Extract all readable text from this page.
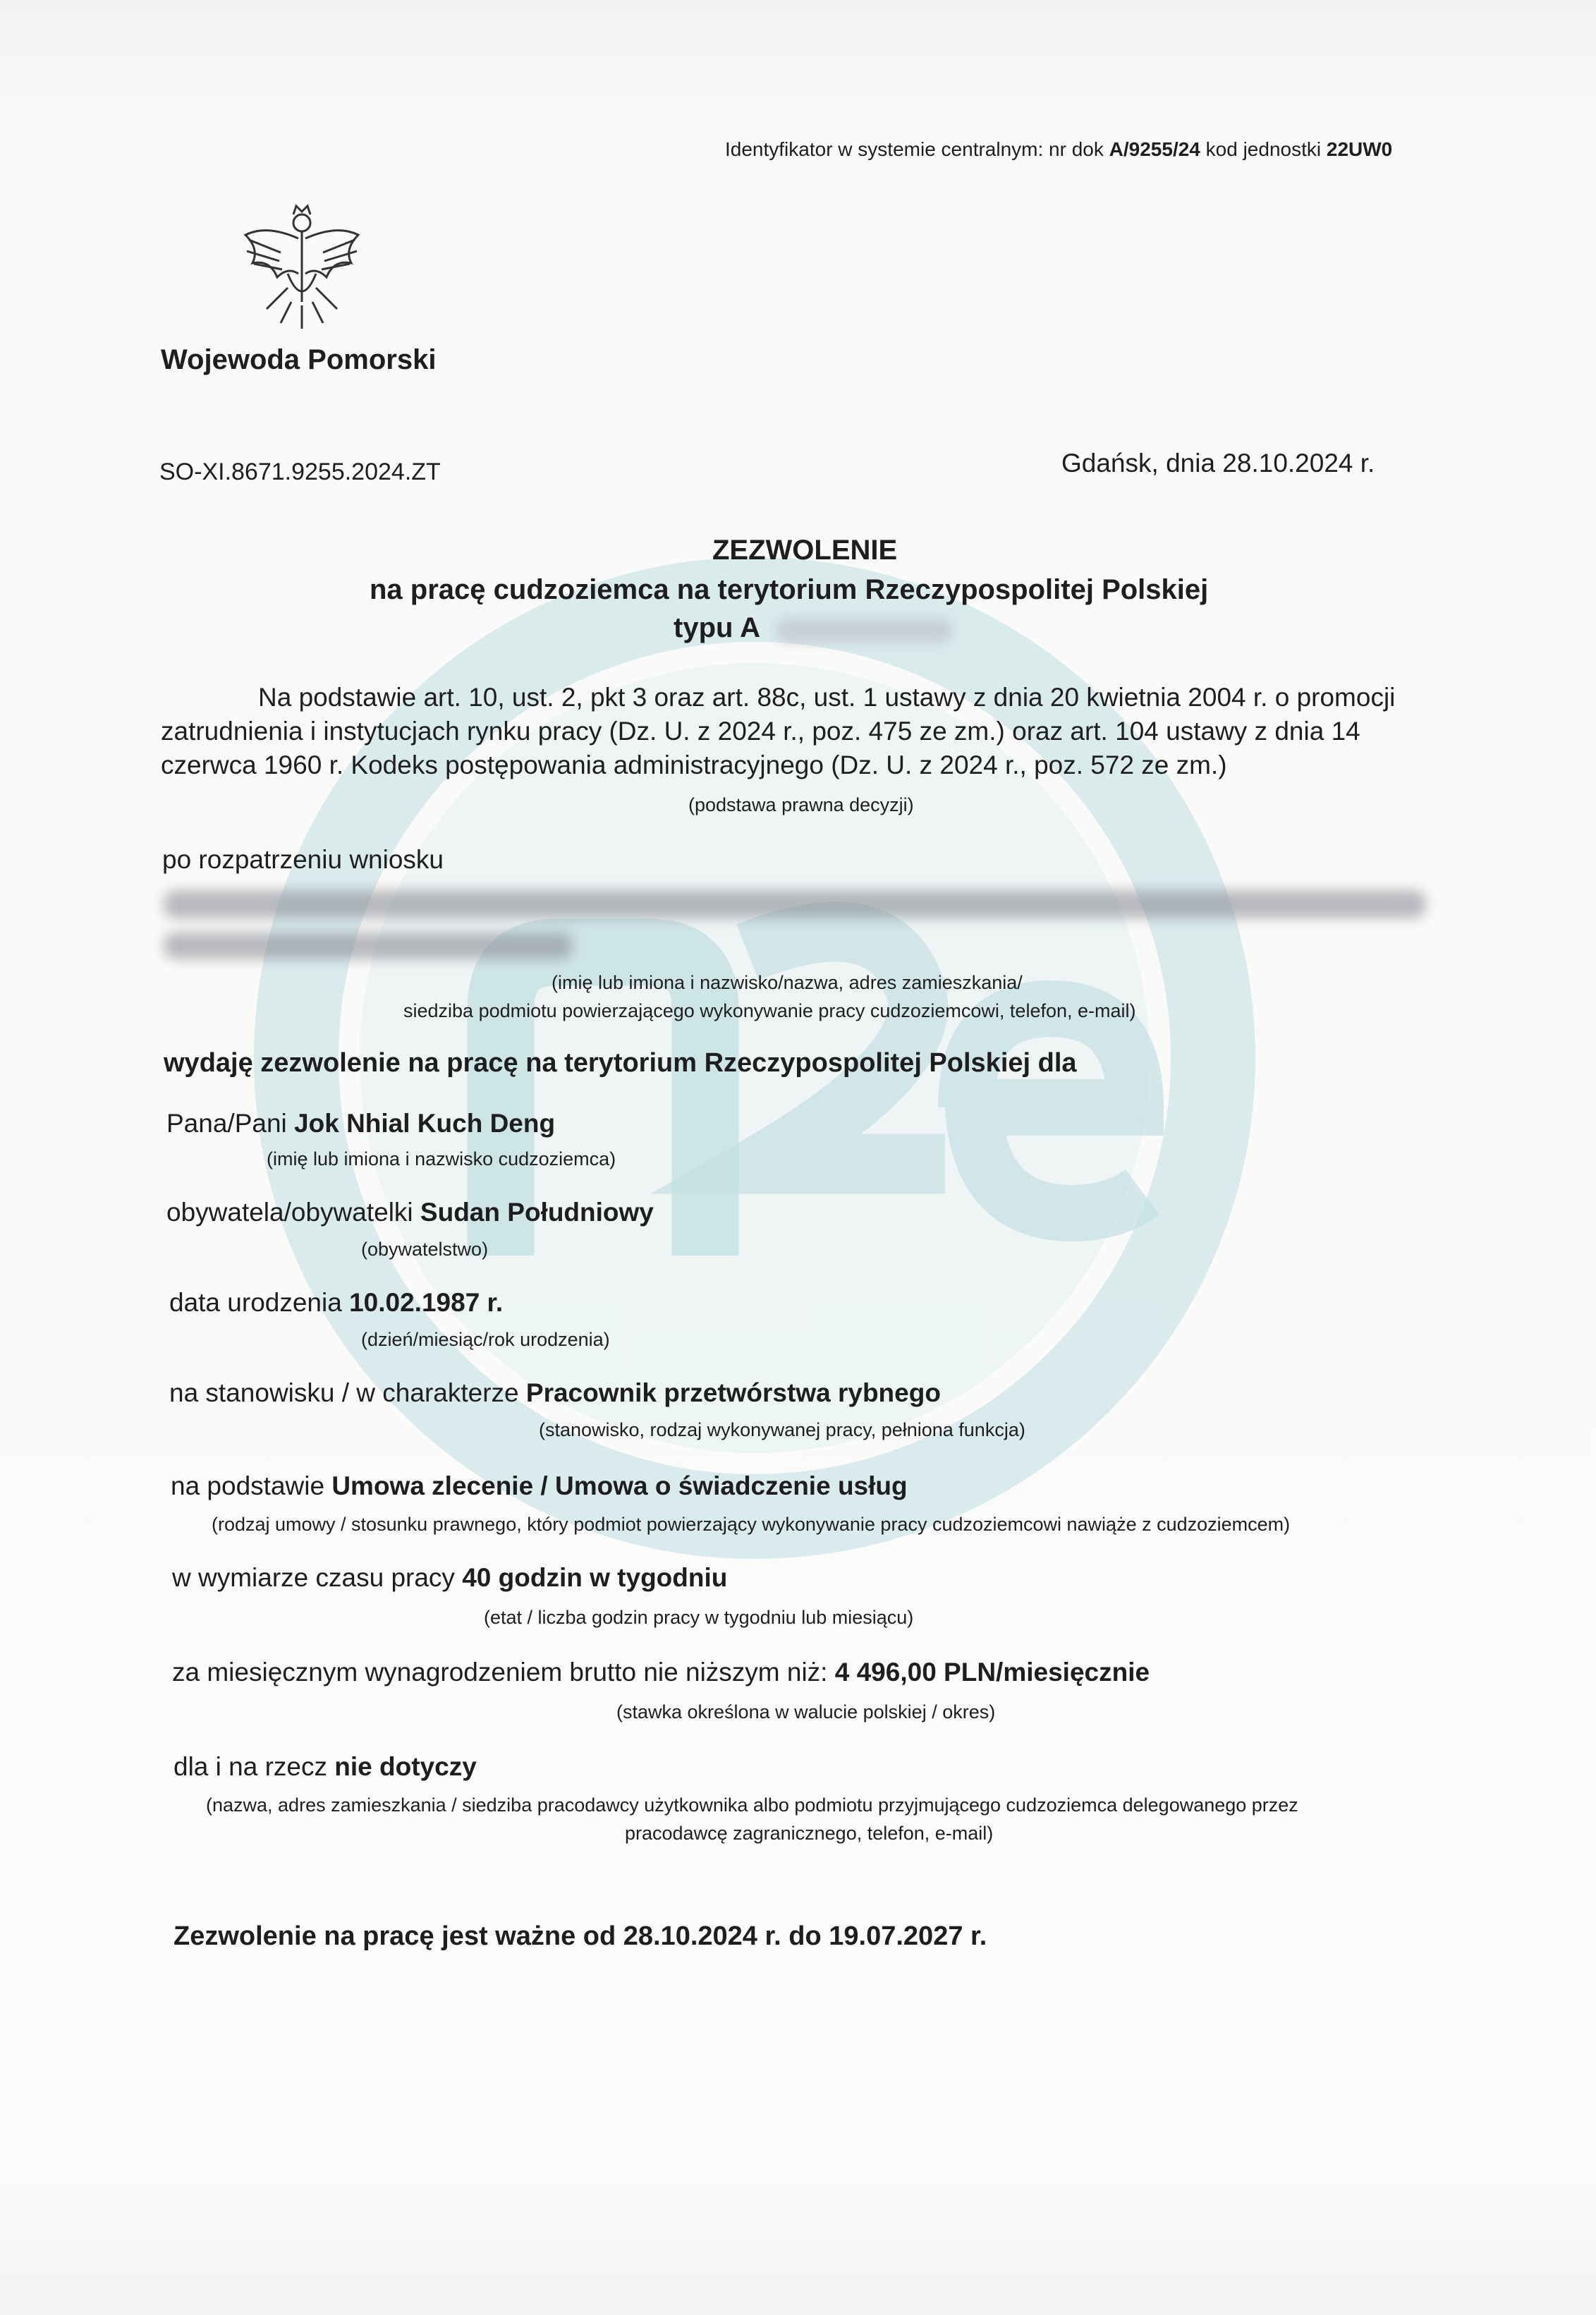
Identyfikator w systemie centralnym: nr dok A/9255/24 kod jednostki 22UW0
Wojewoda Pomorski
SO-XI.8671.9255.2024.ZT	Gdańsk, dnia 28.10.2024 r.
ZEZWOLENIE
na pracę cudzoziemca na terytorium Rzeczypospolitej Polskiej
typu A
Na podstawie art. 10, ust. 2, pkt 3 oraz art. 88c, ust. 1 ustawy z dnia 20 kwietnia 2004 r. o promocji
zatrudnienia i instytucjach rynku pracy (Dz. U. z 2024 r., poz. 475 ze zm.) oraz art. 104 ustawy z dnia 14
czerwca 1960 r. Kodeks postępowania administracyjnego (Dz. U. z 2024 r., poz. 572 ze zm.)
(podstawa prawna decyzji)
po rozpatrzeniu wniosku
(imię lub imiona i nazwisko/nazwa, adres zamieszkania/
siedziba podmiotu powierzającego wykonywanie pracy cudzoziemcowi, telefon, e-mail)
wydaję zezwolenie na pracę na terytorium Rzeczypospolitej Polskiej dla
Pana/Pani Jok Nhial Kuch Deng
(imię lub imiona i nazwisko cudzoziemca)
obywatela/obywatelki Sudan Południowy
(obywatelstwo)
data urodzenia 10.02.1987 r.
(dzień/miesiąc/rok urodzenia)
na stanowisku / w charakterze Pracownik przetwórstwa rybnego
(stanowisko, rodzaj wykonywanej pracy, pełniona funkcja)
na podstawie Umowa zlecenie / Umowa o świadczenie usług
(rodzaj umowy / stosunku prawnego, który podmiot powierzający wykonywanie pracy cudzoziemcowi nawiąże z cudzoziemcem)
w wymiarze czasu pracy 40 godzin w tygodniu
(etat / liczba godzin pracy w tygodniu lub miesiącu)
za miesięcznym wynagrodzeniem brutto nie niższym niż: 4 496,00 PLN/miesięcznie
(stawka określona w walucie polskiej / okres)
dla i na rzecz nie dotyczy
(nazwa, adres zamieszkania / siedziba pracodawcy użytkownika albo podmiotu przyjmującego cudzoziemca delegowanego przez
pracodawcę zagranicznego, telefon, e-mail)
Zezwolenie na pracę jest ważne od 28.10.2024 r. do 19.07.2027 r.
